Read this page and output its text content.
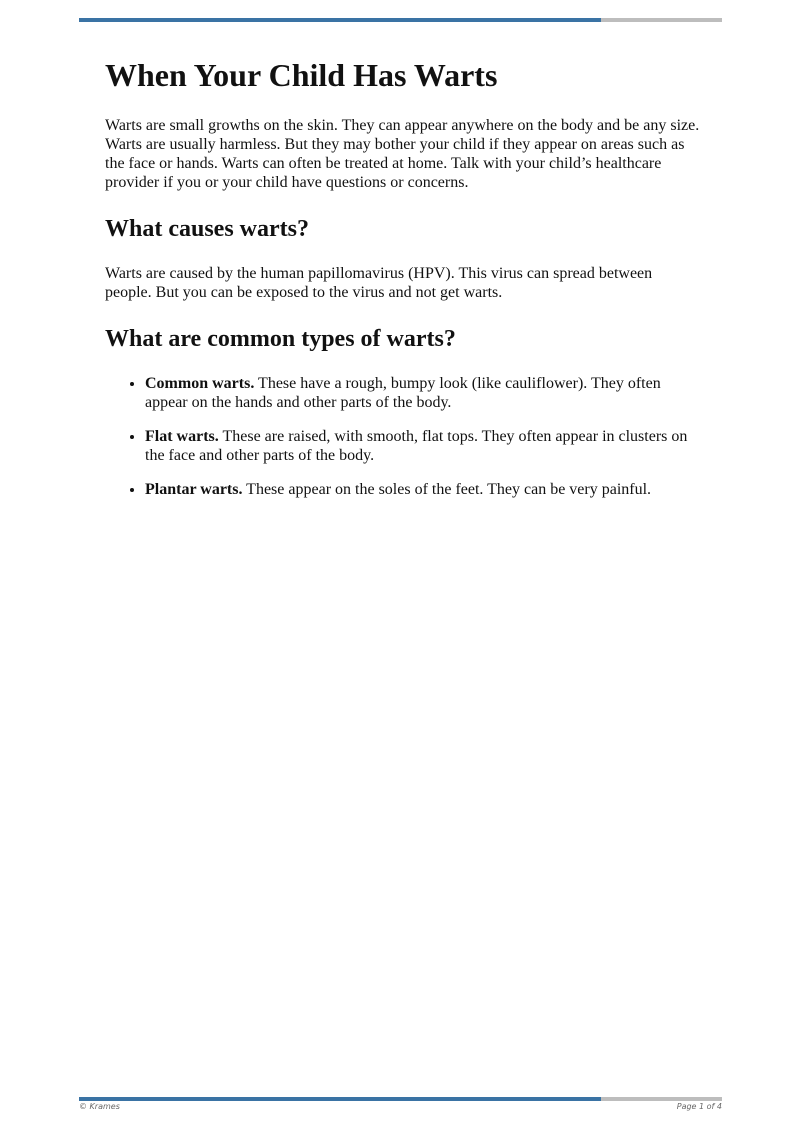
When Your Child Has Warts

Warts are small growths on the skin. They can appear anywhere on the body and be any size. Warts are usually harmless. But they may bother your child if they appear on areas such as the face or hands. Warts can often be treated at home. Talk with your child’s healthcare provider if you or your child have questions or concerns.

What causes warts?

Warts are caused by the human papillomavirus (HPV). This virus can spread between people. But you can be exposed to the virus and not get warts.

What are common types of warts?
• Common warts. These have a rough, bumpy look (like cauliflower). They often appear on the hands and other parts of the body.
• Flat warts. These are raised, with smooth, flat tops. They often appear in clusters on the face and other parts of the body.
• Plantar warts. These appear on the soles of the feet. They can be very painful.
© Krames	Page 1 of 4
